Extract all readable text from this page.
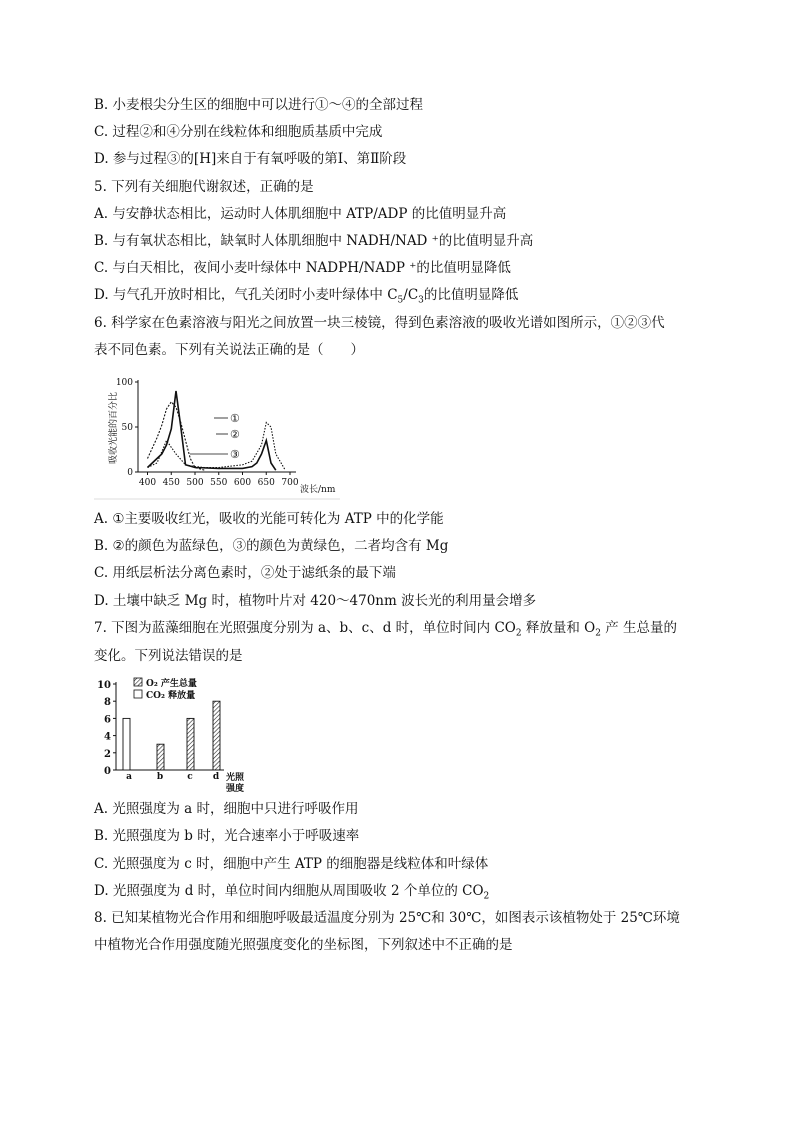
B. 小麦根尖分生区的细胞中可以进行①～④的全部过程
C. 过程②和④分别在线粒体和细胞质基质中完成
D. 参与过程③的[H]来自于有氧呼吸的第Ⅰ、第Ⅱ阶段
5. 下列有关细胞代谢叙述，正确的是
A. 与安静状态相比，运动时人体肌细胞中 ATP/ADP 的比值明显升高
B. 与有氧状态相比，缺氧时人体肌细胞中 NADH/NAD ⁺的比值明显升高
C. 与白天相比，夜间小麦叶绿体中 NADPH/NADP ⁺的比值明显降低
D. 与气孔开放时相比，气孔关闭时小麦叶绿体中 $C_5/C_3$的比值明显降低
6. 科学家在色素溶液与阳光之间放置一块三棱镜，得到色素溶液的吸收光谱如图所示，①②③代
表不同色素。下列有关说法正确的是（　　）
吸收光能的百分比
400 450 500 550 600 650 700
0
50
100
①
②
③
波长/nm
A. ①主要吸收红光，吸收的光能可转化为 ATP 中的化学能
B. ②的颜色为蓝绿色，③的颜色为黄绿色，二者均含有 Mg
C. 用纸层析法分离色素时，②处于滤纸条的最下端
D. 土壤中缺乏 Mg 时，植物叶片对 420～470nm 波长光的利用量会增多
7. 下图为蓝藻细胞在光照强度分别为 a、b、c、d 时，单位时间内 $CO_2$ 释放量和 $O_2$ 产 生总量的
变化。下列说法错误的是
O₂ 产生总量
CO₂ 释放量
0
2
4
6
8
10
a	b	c d 光照
强度
A. 光照强度为 a 时，细胞中只进行呼吸作用
B. 光照强度为 b 时，光合速率小于呼吸速率
C. 光照强度为 c 时，细胞中产生 ATP 的细胞器是线粒体和叶绿体
D. 光照强度为 d 时，单位时间内细胞从周围吸收 2 个单位的 $CO_2$
8. 已知某植物光合作用和细胞呼吸最适温度分别为 25℃和 30℃，如图表示该植物处于 25℃环境
中植物光合作用强度随光照强度变化的坐标图，下列叙述中不正确的是
